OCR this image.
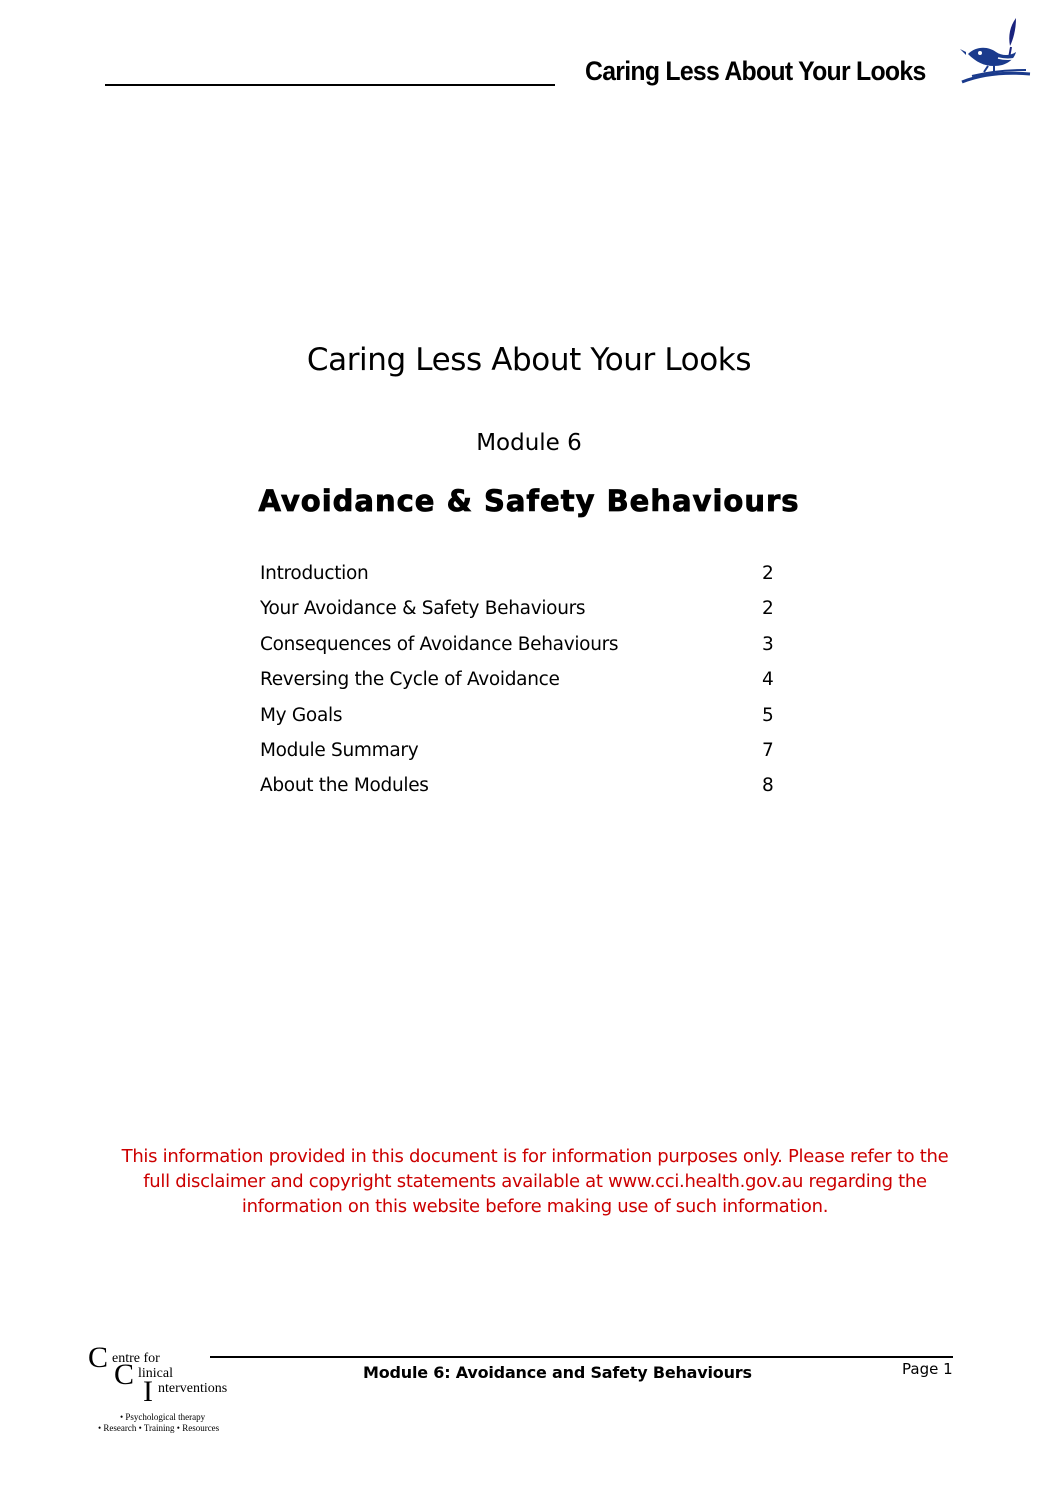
Caring Less About Your Looks
Caring Less About Your Looks
Module 6
Avoidance & Safety Behaviours
Introduction	2
Your Avoidance & Safety Behaviours	2
Consequences of Avoidance Behaviours	3
Reversing the Cycle of Avoidance	4
My Goals	5
Module Summary	7
About the Modules	8
This information provided in this document is for information purposes only. Please refer to the
full disclaimer and copyright statements available at www.cci.health.gov.au regarding the
information on this website before making use of such information.
C entre for
C linical
I nterventions
• Psychological therapy
• Research • Training • Resources
Module 6: Avoidance and Safety Behaviours	Page 1
